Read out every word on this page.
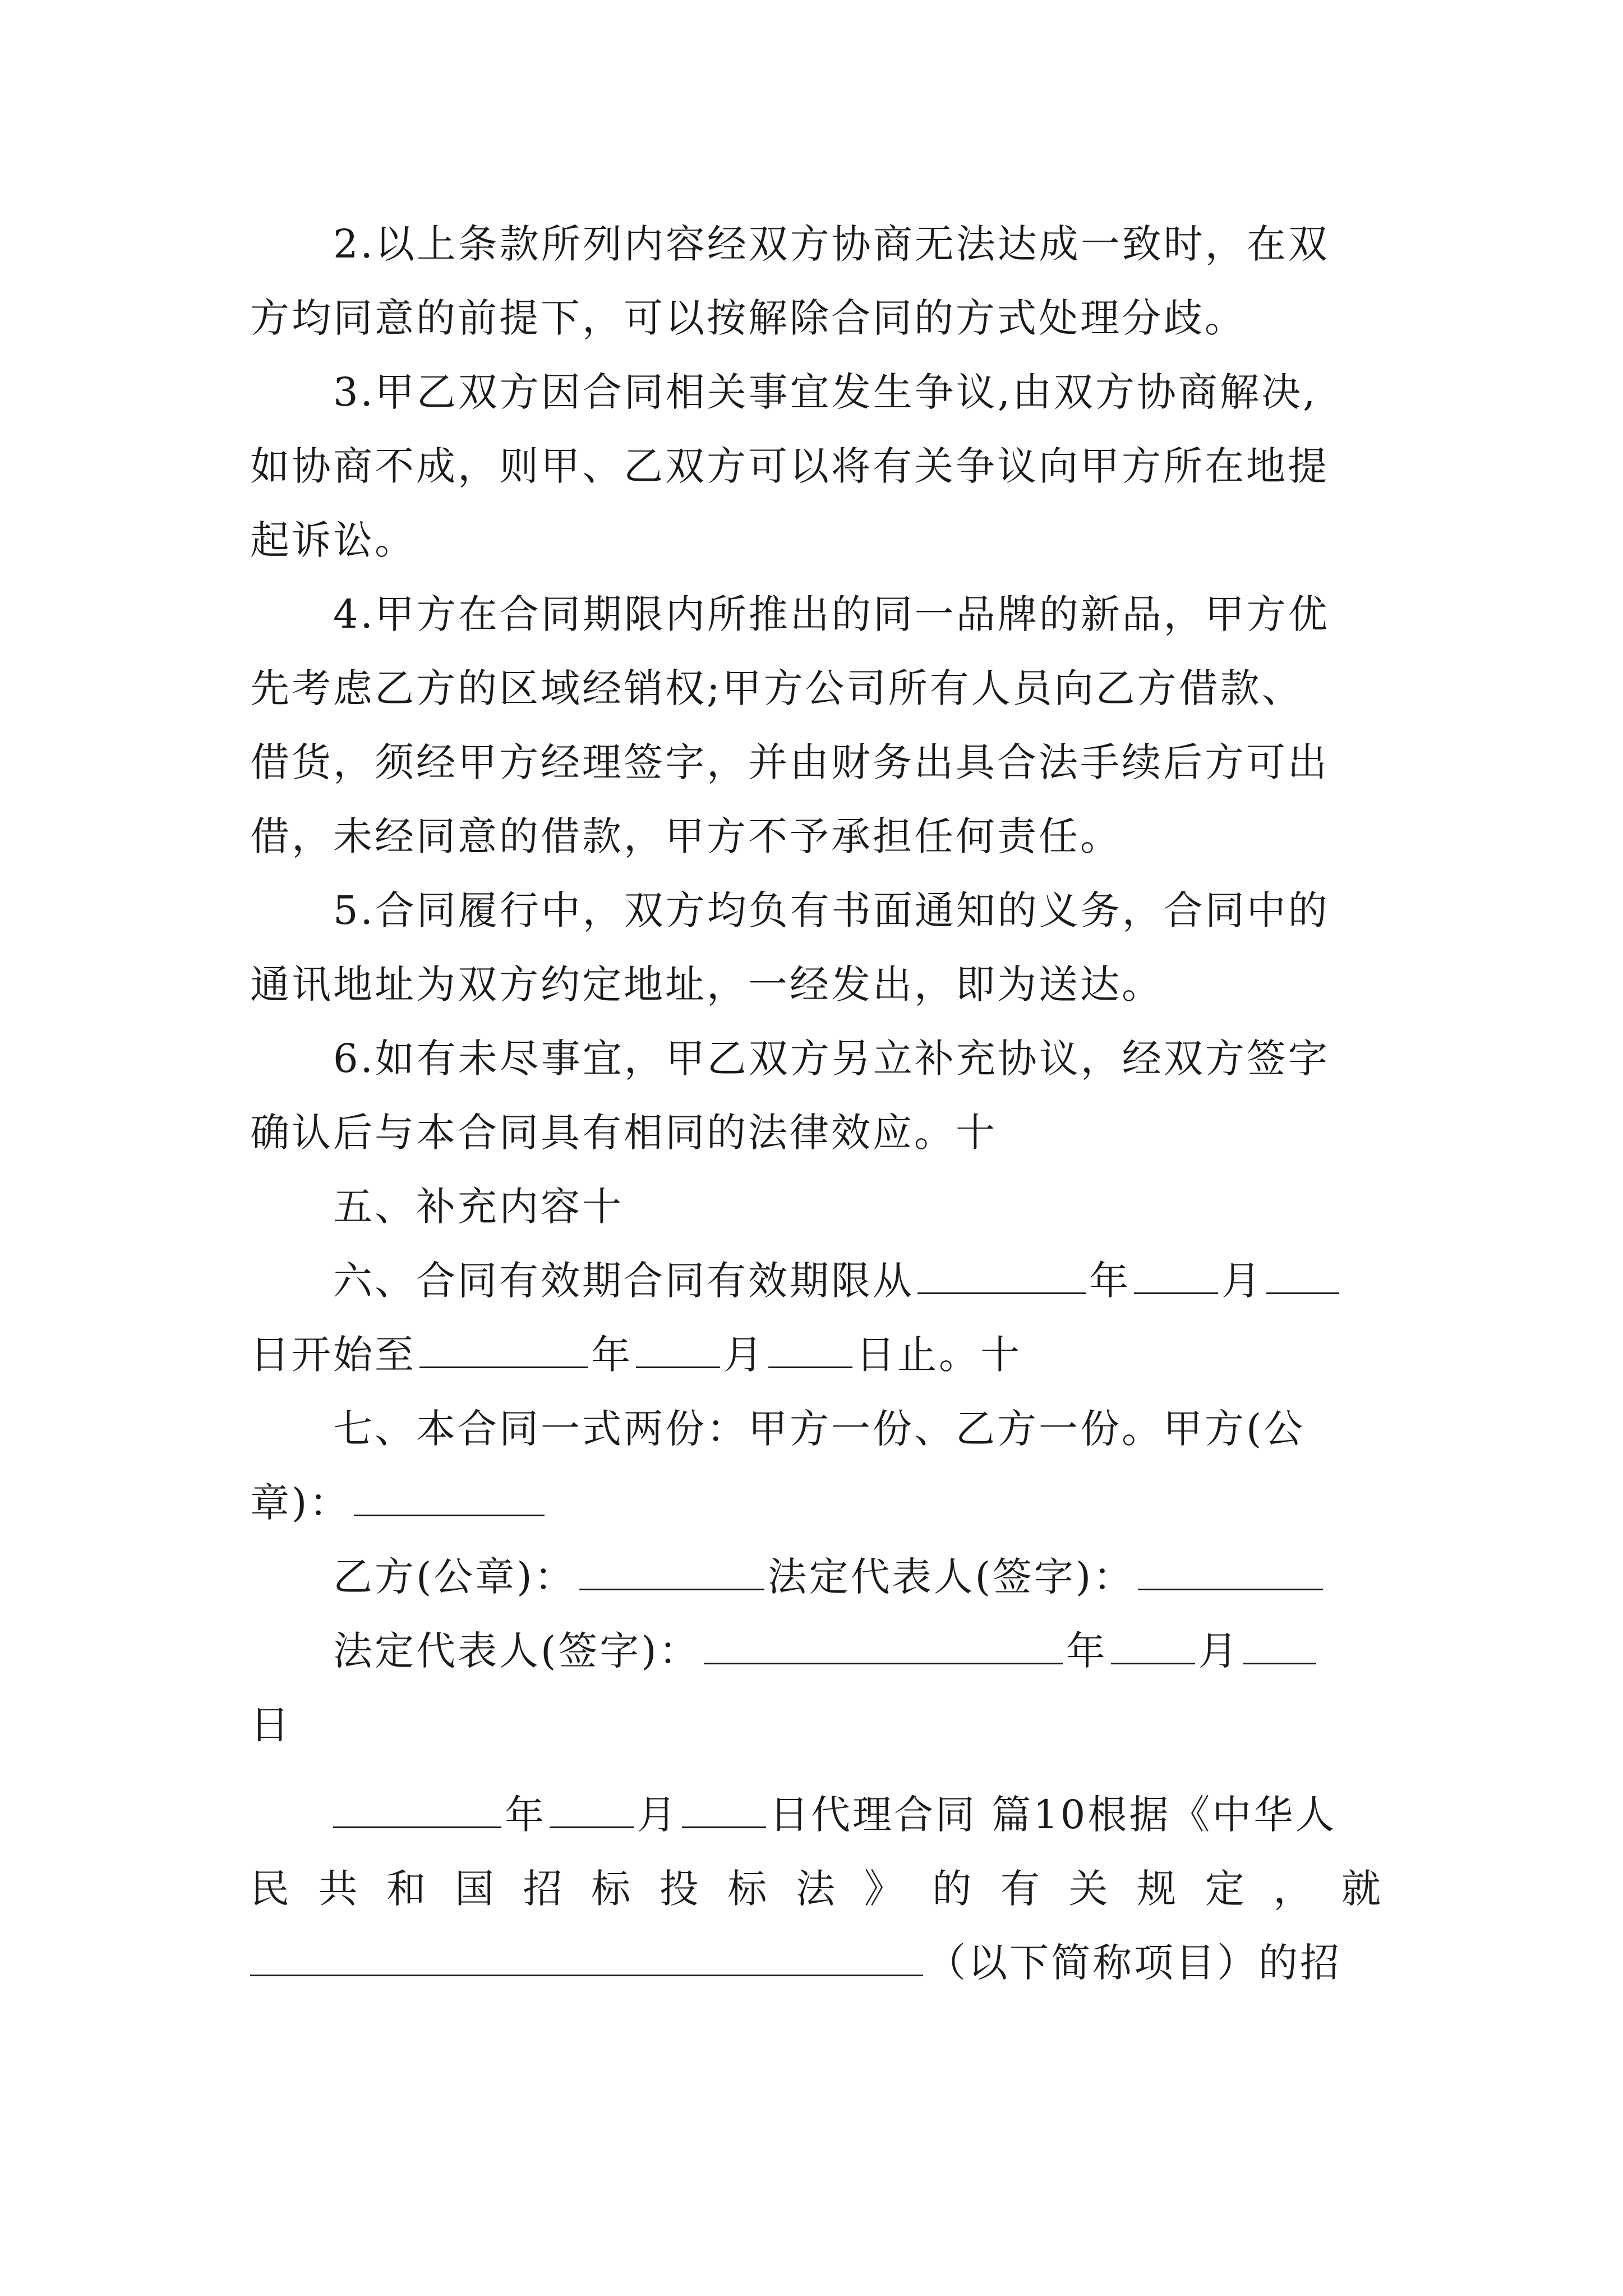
2.以上条款所列内容经双方协商无法达成一致时，在双
方均同意的前提下，可以按解除合同的方式处理分歧。
3.甲乙双方因合同相关事宜发生争议,由双方协商解决,
如协商不成，则甲、乙双方可以将有关争议向甲方所在地提
起诉讼。
4.甲方在合同期限内所推出的同一品牌的新品，甲方优
先考虑乙方的区域经销权;甲方公司所有人员向乙方借款、
借货，须经甲方经理签字，并由财务出具合法手续后方可出
借，未经同意的借款，甲方不予承担任何责任。
5.合同履行中，双方均负有书面通知的义务，合同中的
通讯地址为双方约定地址，一经发出，即为送达。
6.如有未尽事宜，甲乙双方另立补充协议，经双方签字
确认后与本合同具有相同的法律效应。十
五、补充内容十
六、合同有效期合同有效期限从	年 月
日开始至	年 月 日止。十
七、本合同一式两份：甲方一份、乙方一份。甲方(公
章)：
乙方(公章)：	法定代表人(签字)：
法定代表人(签字)：	年 月
日
年 月 日代理合同 篇10根据《中华人
民共和国招标投标法》的有关规定，就
（以下简称项目）的招
